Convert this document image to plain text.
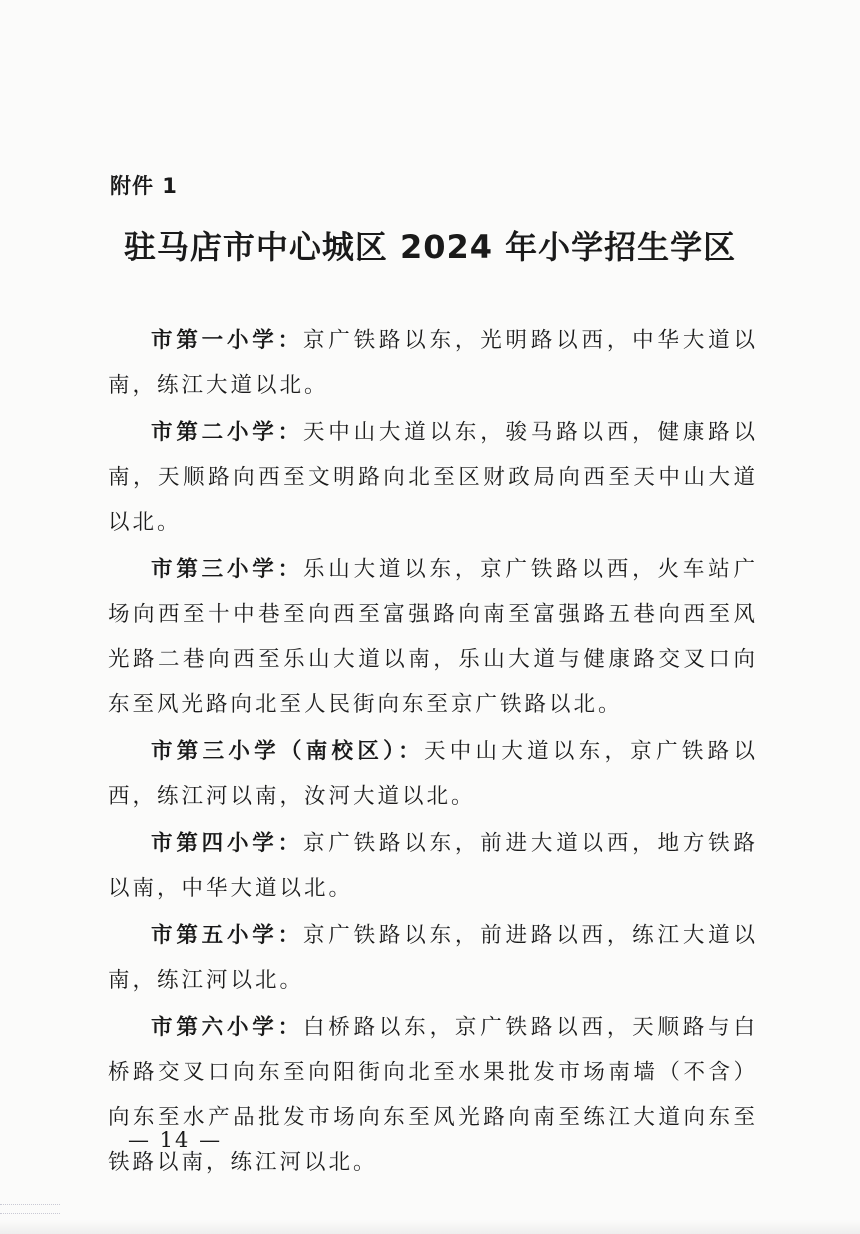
附件 1
驻马店市中心城区 2024 年小学招生学区

市第一小学：京广铁路以东，光明路以西，中华大道以南，练江大道以北。

市第二小学：天中山大道以东，骏马路以西，健康路以南，天顺路向西至文明路向北至区财政局向西至天中山大道以北。

市第三小学：乐山大道以东，京广铁路以西，火车站广场向西至十中巷至向西至富强路向南至富强路五巷向西至风光路二巷向西至乐山大道以南，乐山大道与健康路交叉口向东至风光路向北至人民街向东至京广铁路以北。

市第三小学（南校区）：天中山大道以东，京广铁路以西，练江河以南，汝河大道以北。

市第四小学：京广铁路以东，前进大道以西，地方铁路以南，中华大道以北。

市第五小学：京广铁路以东，前进路以西，练江大道以南，练江河以北。

市第六小学：白桥路以东，京广铁路以西，天顺路与白桥路交叉口向东至向阳街向北至水果批发市场南墙（不含）向东至水产品批发市场向东至风光路向南至练江大道向东至铁路以南，练江河以北。

— 14 —
